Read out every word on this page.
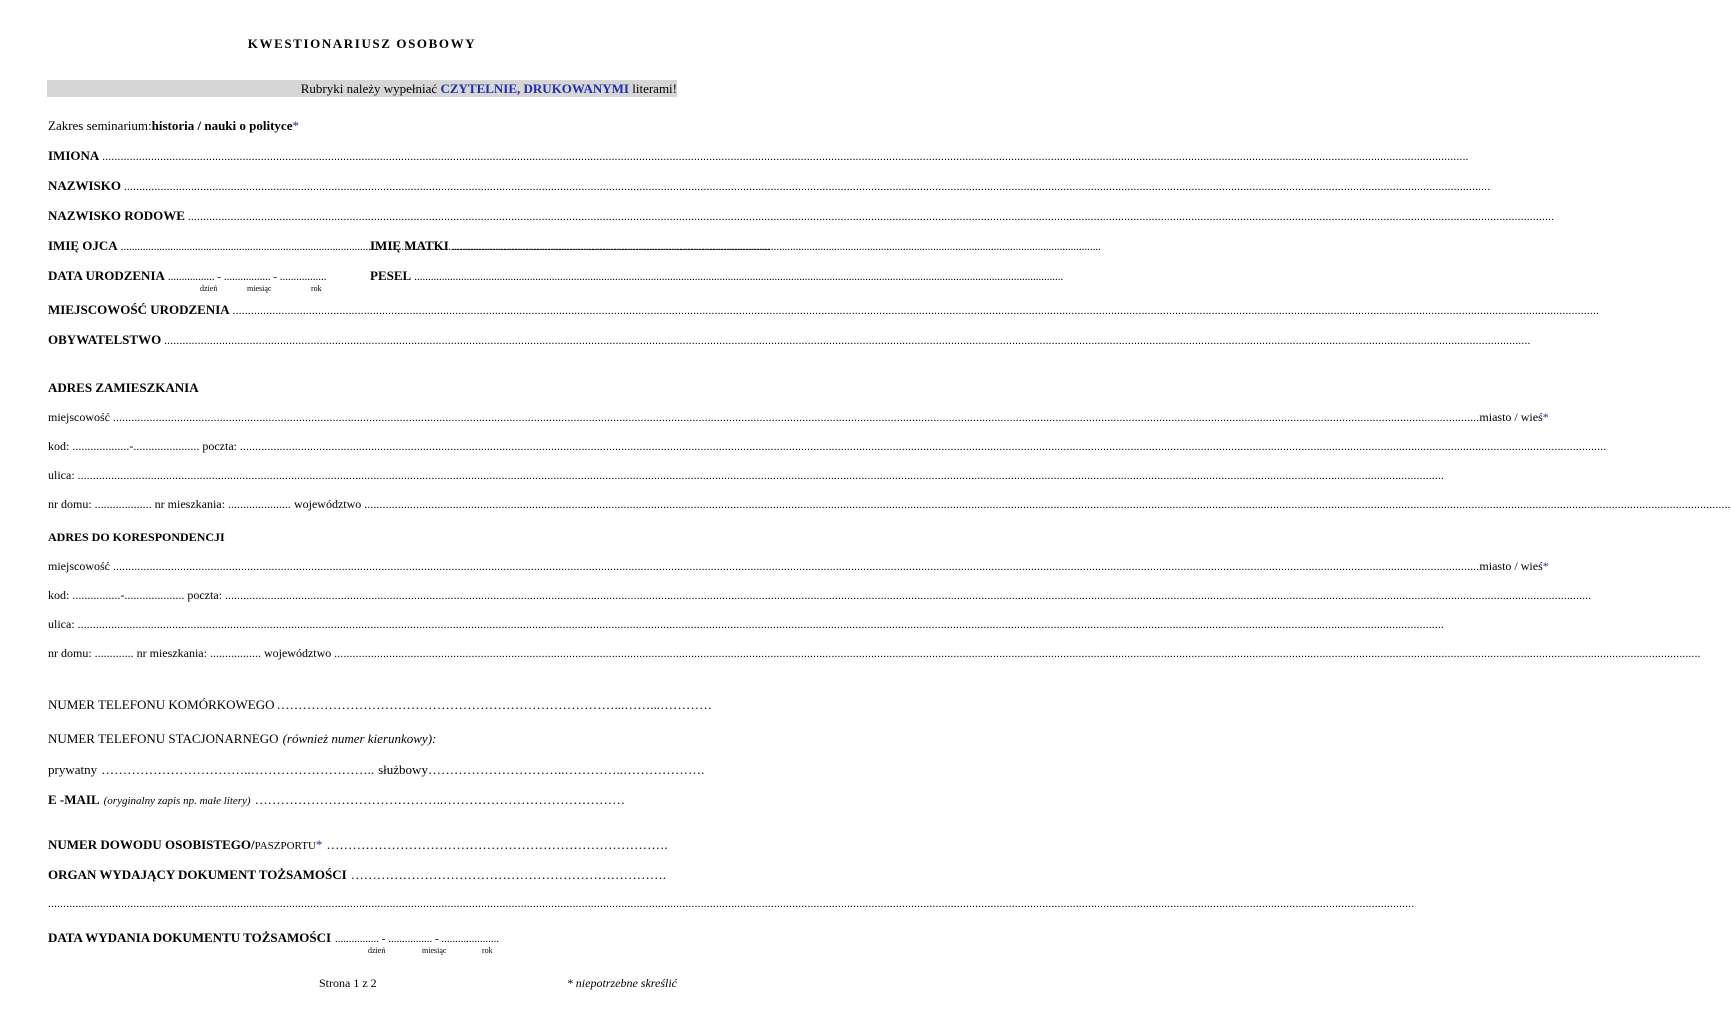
KWESTIONARIUSZ OSOBOWY
Rubryki należy wypełniać CZYTELNIE, DRUKOWANYMI literami!
Zakres seminarium: historia / nauki o polityce *
IMIONA
.....
NAZWISKO
.....
NAZWISKO RODOWE
.....
IMIĘ OJCA .....	IMIĘ MATKI
.....
DATA URODZENIA ................. - ................. - .................	PESEL
.....
dzień	miesiąc	rok
MIEJSCOWOŚĆ URODZENIA
.....
OBYWATELSTWO
.....
ADRES ZAMIESZKANIA
miejscowość .....	miasto / wieś *
kod: ...................-...................... poczta:
.....
ulica:
.....
nr domu: ................... nr mieszkania: ..................... województwo
.....
ADRES DO KORESPONDENCJI
miejscowość .....	miasto / wieś *
kod: ................-.................... poczta:
.....
ulica:
.....
nr domu: ............. nr mieszkania: ................. województwo
.....
NUMER TELEFONU KOMÓRKOWEGO ……………………………………………………………………...……...…………
NUMER TELEFONU STACJONARNEGO (również numer kierunkowy):
prywatny ……………………………..……………………….. służbowy …………………………..…………..……………….
E -MAIL (oryginalny zapis np. małe litery) ……………………………………..……………………………………
NUMER DOWODU OSOBISTEGO/ PASZPORTU * …………………………………………………………………….
ORGAN WYDAJĄCY DOKUMENT TOŻSAMOŚCI ……………………………………………………………….
.....
DATA WYDANIA DOKUMENTU TOŻSAMOŚCI ................ - ................ - .....................
dzień	miesiąc	rok
Strona 1 z 2	* niepotrzebne skreślić
